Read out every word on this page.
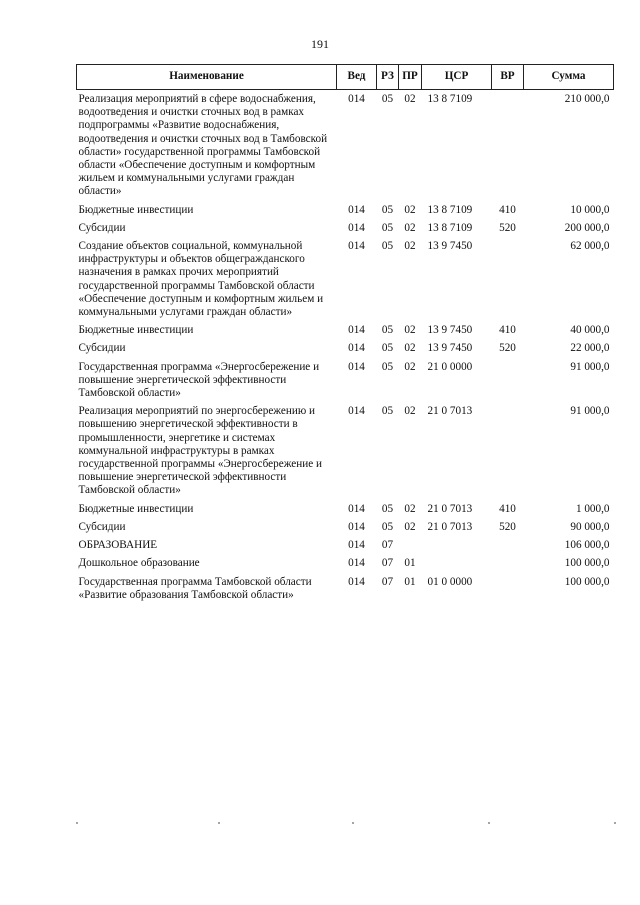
191
Наименование	Вед	РЗ	ПР	ЦСР	ВР	Сумма
Реализация мероприятий в сфере водоснабжения, водоотведения и очистки сточных вод в рамках подпрограммы «Развитие водоснабжения, водоотведения и очистки сточных вод в Тамбовской области» государственной программы Тамбовской области «Обеспечение доступным и комфортным жильем и коммунальными услугами граждан области»	014	05	02	13 8 7109		210 000,0
Бюджетные инвестиции	014	05	02	13 8 7109	410	10 000,0
Субсидии	014	05	02	13 8 7109	520	200 000,0
Создание объектов социальной, коммунальной инфраструктуры и объектов общегражданского назначения в рамках прочих мероприятий государственной программы Тамбовской области «Обеспечение доступным и комфортным жильем и коммунальными услугами граждан области»	014	05	02	13 9 7450		62 000,0
Бюджетные инвестиции	014	05	02	13 9 7450	410	40 000,0
Субсидии	014	05	02	13 9 7450	520	22 000,0
Государственная программа «Энергосбережение и повышение энергетической эффективности Тамбовской области»	014	05	02	21 0 0000		91 000,0
Реализация мероприятий по энергосбережению и повышению энергетической эффективности в промышленности, энергетике и системах коммунальной инфраструктуры в рамках государственной программы «Энергосбережение и повышение энергетической эффективности Тамбовской области»	014	05	02	21 0 7013		91 000,0
Бюджетные инвестиции	014	05	02	21 0 7013	410	1 000,0
Субсидии	014	05	02	21 0 7013	520	90 000,0
ОБРАЗОВАНИЕ	014	07				106 000,0
Дошкольное образование	014	07	01			100 000,0
Государственная программа Тамбовской области «Развитие образования Тамбовской области»	014	07	01	01 0 0000		100 000,0
